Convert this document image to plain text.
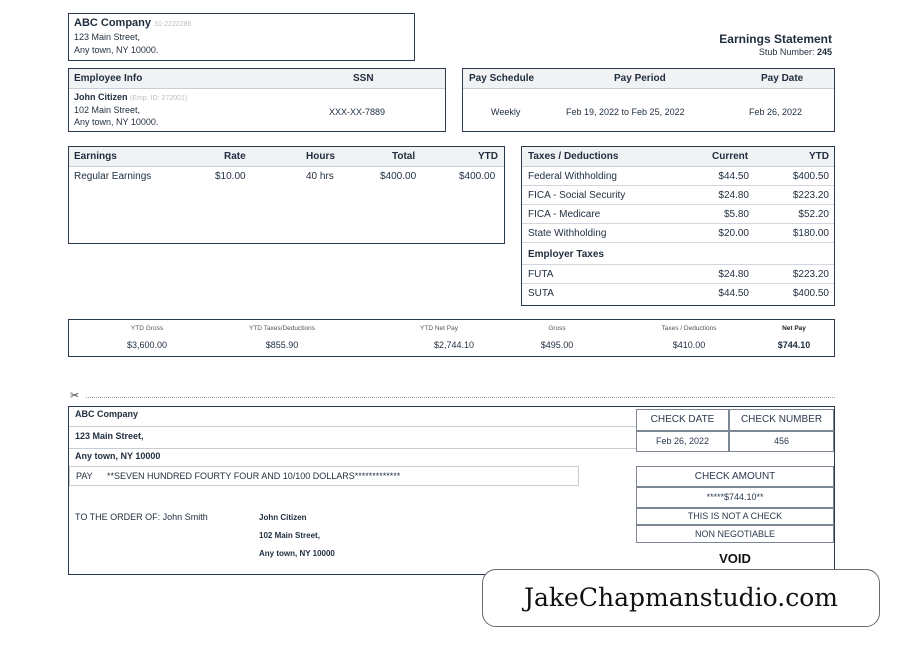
ABC Company 31-2222286
123 Main Street,
Any town, NY 10000.
Earnings Statement
Stub Number: 245
Employee Info	SSN
John Citizen (Emp. ID: 272001)
102 Main Street,
Any town, NY 10000.
XXX-XX-7889
Pay Schedule	Pay Period	Pay Date
Weekly	Feb 19, 2022 to Feb 25, 2022	Feb 26, 2022
Earnings	Rate	Hours	Total	YTD
Regular Earnings	$10.00	40 hrs	$400.00	$400.00
Taxes / Deductions	Current	YTD
Federal Withholding	$44.50	$400.50
FICA - Social Security	$24.80	$223.20
FICA - Medicare	$5.80	$52.20
State Withholding	$20.00	$180.00
Employer Taxes
FUTA	$24.80	$223.20
SUTA	$44.50	$400.50
YTD Gross	YTD Taxes/Deductions	YTD Net Pay	Gross	Taxes / Deductions	Net Pay
$3,600.00	$855.90	$2,744.10	$495.00	$410.00	$744.10
✂
ABC Company
123 Main Street,
Any town, NY 10000
PAY **SEVEN HUNDRED FOURTY FOUR AND 10/100 DOLLARS*************
TO THE ORDER OF: John Smith	John Citizen
102 Main Street,
Any town, NY 10000
CHECK DATE	CHECK NUMBER
Feb 26, 2022	456
CHECK AMOUNT
*****$744.10**
THIS IS NOT A CHECK
NON NEGOTIABLE
VOID
JakeChapmanstudio.com
